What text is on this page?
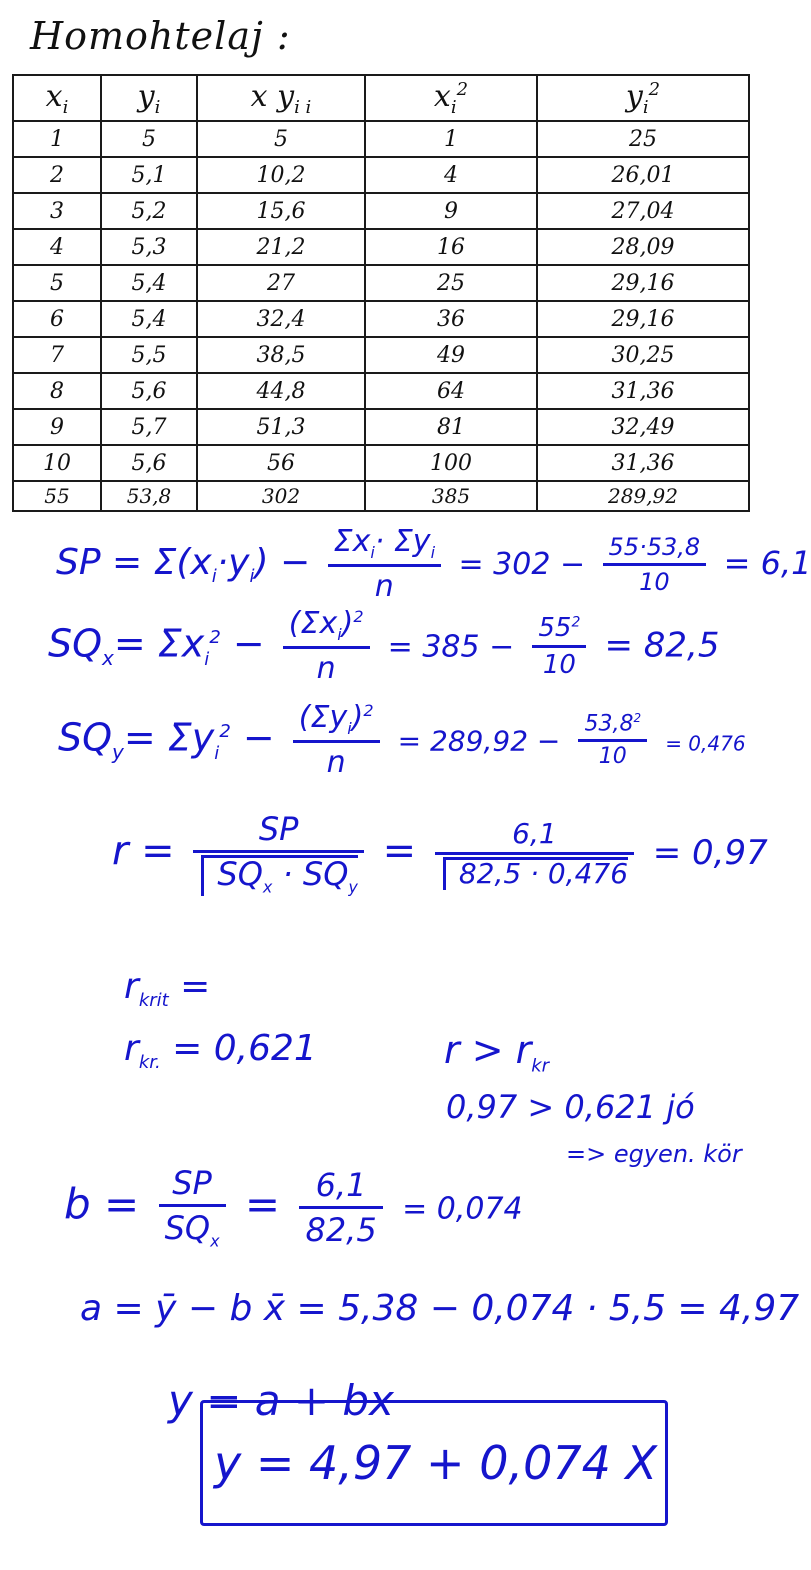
Homohtelaj :
$x_i$	$y_i$	x $y_{i i}$	$x_i^2$	$y_i^2$
1	5	5	1	25
2	5,1	10,2	4	26,01
3	5,2	15,6	9	27,04
4	5,3	21,2	16	28,09
5	5,4	27	25	29,16
6	5,4	32,4	36	29,16
7	5,5	38,5	49	30,25
8	5,6	44,8	64	31,36
9	5,7	51,3	81	32,49
10	5,6	56	100	31,36
55	53,8	302	385	289,92
SP = $\Sigma(x_i\cdot y_i) - \frac{\Sigma x_i\cdot \Sigma y_i}{n} = 302 - \frac{55\cdot 53,8}{10} = 6,1$
$SQ_x= \Sigma x_i^2 - \frac{(\Sigma x_i)^2}{n} = 385 - \frac{55^2}{10} = 82,5$
$SQ_y= \Sigma y_i^2 - \frac{(\Sigma y_i)^2}{n} = 289,92 - \frac{53,8^2}{10} = 0,476$
$r = \frac{SP}{SQ_x \cdot SQ_y} = \frac{6,1}{82,5 \cdot 0,476} = 0,97$
$r_{krit}$ =
$r_{kr.} = 0,621$	$r > r_{kr}$
0,97 > 0,621 jó
=> egyen. kör
$b = \frac{SP}{SQ_x} = \frac{6,1}{82,5} = 0,074$
a = ȳ − b x̄ = 5,38 − 0,074 · 5,5 = 4,97
y = a + bx
y = 4,97 + 0,074 X
